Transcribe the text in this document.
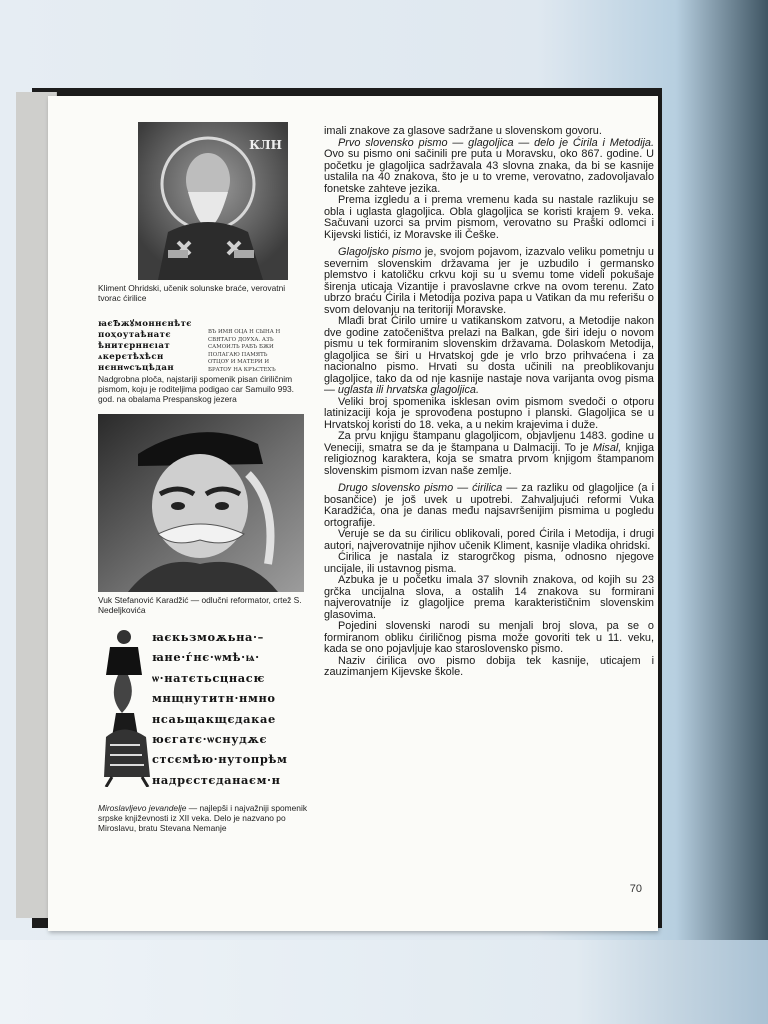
КЛН
Kliment Ohridski, učenik solunske braće, verovatni tvorac ćirilice
ꙗєѢжꙋмоннєнѣтє
поҳоутаѣнатє
ѣнитєрннєıат
ѧкерєтѣхѣсн
нєннѡсъцѣдан

ВЪ ИМЯ ОЦА Н СЫНА Н
СВЯТАГО ДОУХА. АЗЪ
САМОИЛЪ РАБЪ БЖИ
ПОЛАГАЮ ПАМЯТЬ
ОТЦОУ И МАТЕРИ И
БРАТОУ НА КРЪСТЕХЪ
Nadgrobna ploča, najstariji spomenik pisan ćiriličnim pismom, koju je roditeljima podigao car Samuilo 993. god. na obalama Prespanskog jezera
Vuk Stefanović Karadžić — odlučni reformator, crtež S. Nedeljkovića
ꙗєкьзмоѫьна·–
ꙗне·ѓнє·ѡмѣ·ѩ·
ѡ·натєтьсцнасѥ
мнщнутитн·нмно
нсаьщакщєдакае
юєгатє·ѡснудѫє
стсємѣю·нутопрѣм
надрєстєданаєм·н
Miroslavljevo jevandelje — najlepši i najvažniji spomenik srpske književnosti iz XII veka. Delo je nazvano po Miroslavu, bratu Stevana Nemanje

imali znakove za glasove sadržane u slovenskom govoru.

Prvo slovensko pismo — glagoljica — delo je Ćirila i Metodija. Ovo su pismo oni sačinili pre puta u Moravsku, oko 867. godine. U početku je glagoljica sadržavala 43 slovna znaka, da bi se kasnije ustalila na 40 znakova, što je u to vreme, verovatno, zadovoljavalo fonetske zahteve jezika.

Prema izgledu a i prema vremenu kada su nastale razlikuju se obla i uglasta glagoljica. Obla glagoljica se koristi krajem 9. veka. Sačuvani uzorci sa prvim pismom, verovatno su Praški odlomci i Kijevski listići, iz Moravske ili Češke.

Glagoljsko pismo je, svojom pojavom, izazvalo veliku pometnju u severnim slovenskim državama jer je uzbudilo i germansko plemstvo i katoličku crkvu koji su u svemu tome videli pokušaje širenja uticaja Vizantije i pravoslavne crkve na ovom terenu. Zato ubrzo braću Ćirila i Metodija poziva papa u Vatikan da mu referišu o svom delovanju na teritoriji Moravske.

Mlađi brat Ćirilo umire u vatikanskom zatvoru, a Metodije nakon dve godine zatočeništva prelazi na Balkan, gde širi ideju o novom pismu u tek formiranim slovenskim državama. Dolaskom Metodija, glagoljica se širi u Hrvatskoj gde je vrlo brzo prihvaćena i za nacionalno pismo. Hrvati su dosta učinili na preoblikovanju glagoljice, tako da od nje kasnije nastaje nova varijanta ovog pisma — uglasta ili hrvatska glagoljica.

Veliki broj spomenika isklesan ovim pismom svedoči o otporu latinizaciji koja je sprovođena postupno i planski. Glagoljica se u Hrvatskoj koristi do 18. veka, a u nekim krajevima i duže.

Za prvu knjigu štampanu glagoljicom, objavljenu 1483. godine u Veneciji, smatra se da je štampana u Dalmaciji. To je Misal, knjiga religioznog karaktera, koja se smatra prvom knjigom štampanom slovenskim pismom izvan naše zemlje.

Drugo slovensko pismo — ćirilica — za razliku od glagoljice (a i bosančice) je još uvek u upotrebi. Zahvaljujući reformi Vuka Karadžića, ona je danas među najsavršenijim pismima u pogledu ortografije.

Veruje se da su ćirilicu oblikovali, pored Ćirila i Metodija, i drugi autori, najverovatnije njihov učenik Kliment, kasnije vladika ohridski.

Ćirilica je nastala iz starogrčkog pisma, odnosno njegove uncijale, ili ustavnog pisma.

Azbuka je u početku imala 37 slovnih znakova, od kojih su 23 grčka uncijalna slova, a ostalih 14 znakova su formirani najverovatnije iz glagoljice prema karakterističnim slovenskim glasovima.

Pojedini slovenski narodi su menjali broj slova, pa se o formiranom obliku ćiriličnog pisma može govoriti tek u 11. veku, kada se ono pojavljuje kao staroslovensko pismo.

Naziv ćirilica ovo pismo dobija tek kasnije, uticajem i zauzimanjem Kijevske škole.

70
